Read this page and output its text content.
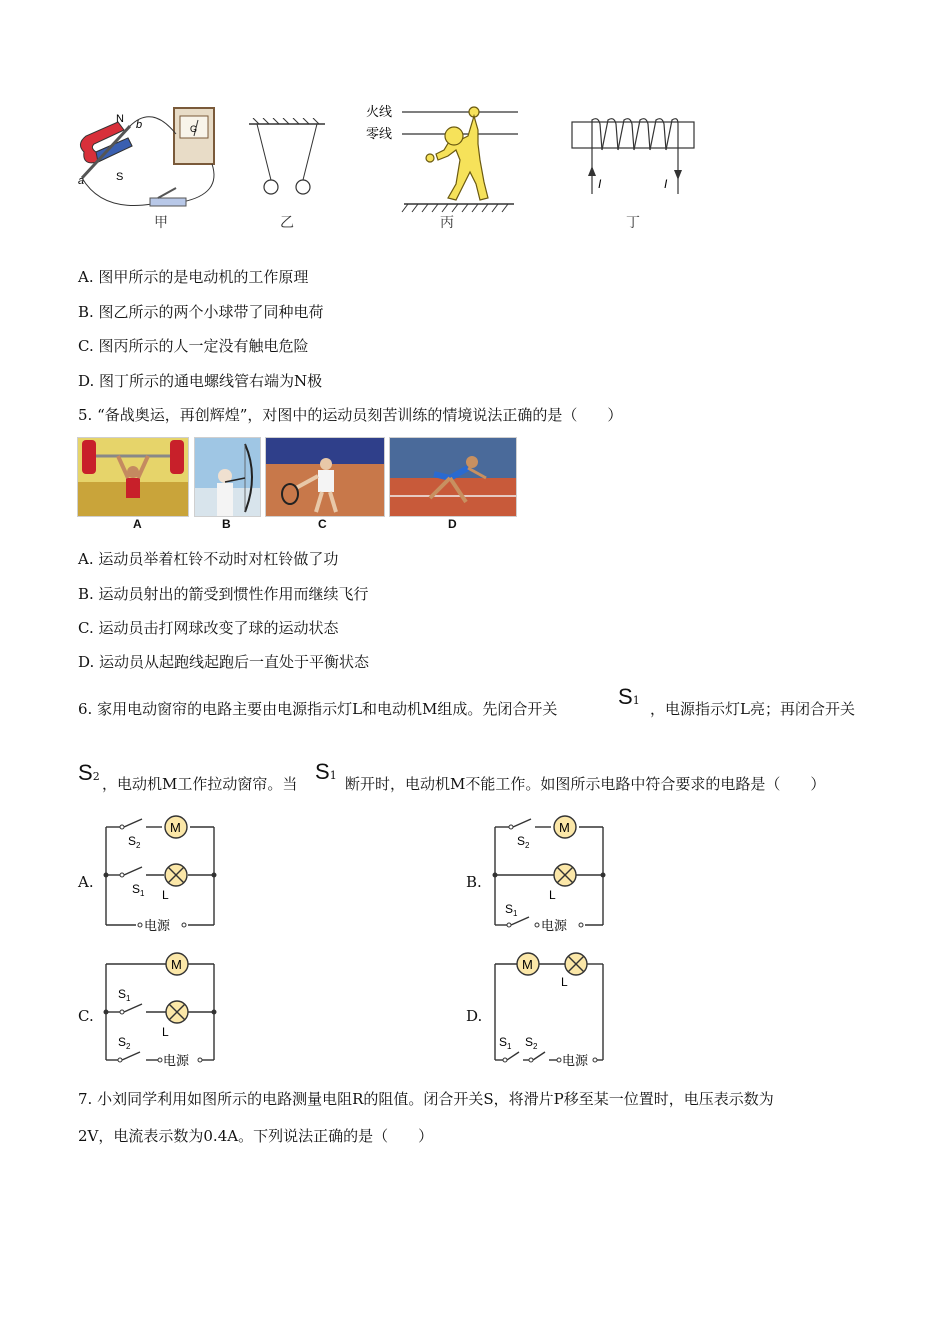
N
S
a
b	G
甲	乙
火线
零线
丙
I	I
丁
A. 图甲所示的是电动机的工作原理
B. 图乙所示的两个小球带了同种电荷
C. 图丙所示的人一定没有触电危险
D. 图丁所示的通电螺线管右端为N极
5. “备战奥运，再创辉煌”，对图中的运动员刻苦训练的情境说法正确的是（　　）
A	B	C	D
A. 运动员举着杠铃不动时对杠铃做了功
B. 运动员射出的箭受到惯性作用而继续飞行
C. 运动员击打网球改变了球的运动状态
D. 运动员从起跑线起跑后一直处于平衡状态
6. 家用电动窗帘的电路主要由电源指示灯L和电动机M组成。先闭合开关	S1 ，电源指示灯L亮；再闭合开关
S2 ，电动机M工作拉动窗帘。当 S1 断开时，电动机M不能工作。如图所示电路中符合要求的电路是（　　）
A.
M
$S_2$
$S_1$ L
电源
B.
M
$S_2$
L
$S_1$
电源
C.
M
$S_1$
L
$S_2$
电源
D.
M
L
$S_1$ $S_2$
电源
7. 小刘同学利用如图所示的电路测量电阻R的阻值。闭合开关S，将滑片P移至某一位置时，电压表示数为
2V，电流表示数为0.4A。下列说法正确的是（　　）
